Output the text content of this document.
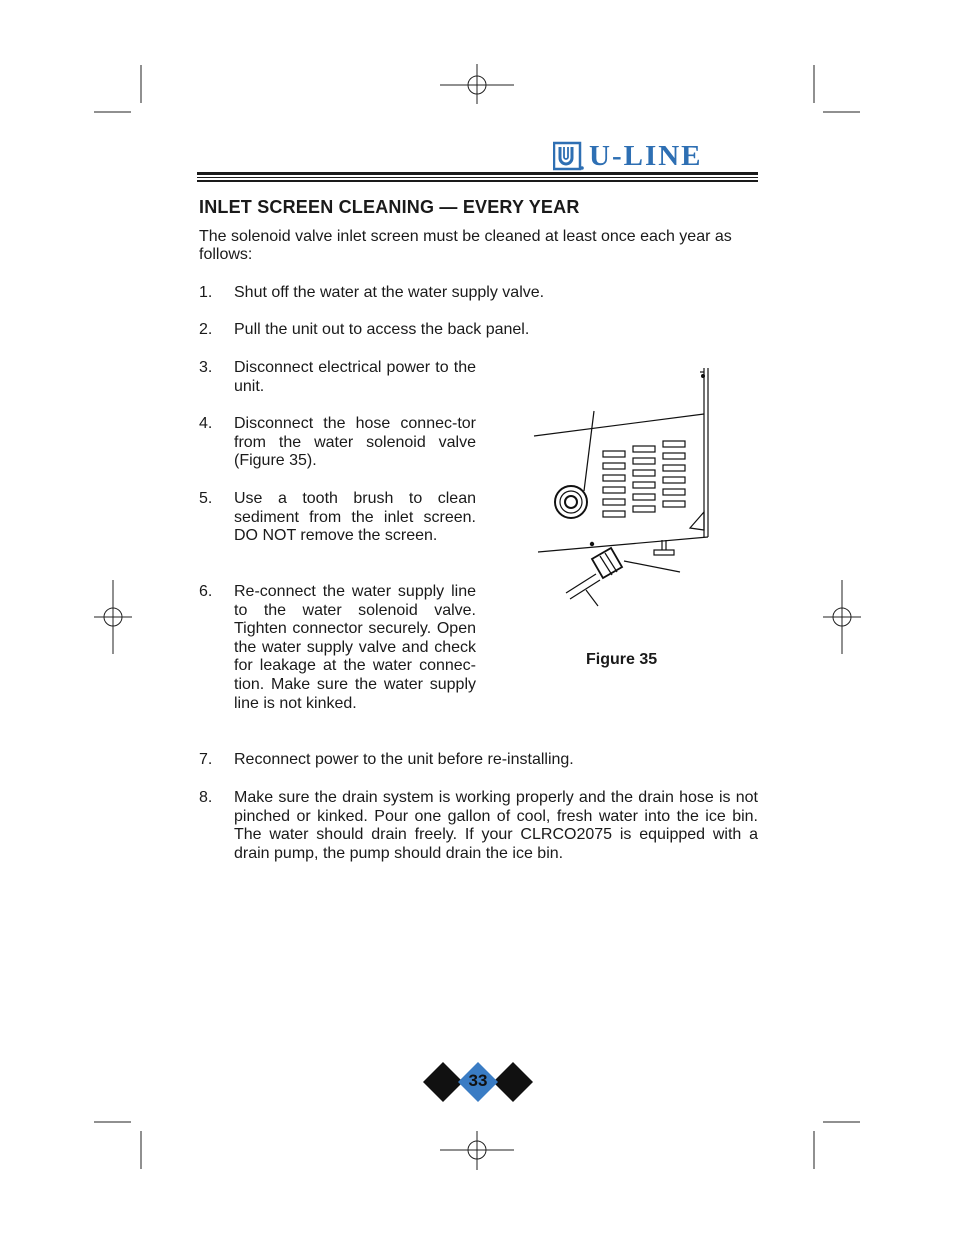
U-LINE
INLET SCREEN CLEANING — EVERY YEAR

The solenoid valve inlet screen must be cleaned at least once each year as follows:

1. Shut off the water at the water supply valve.
2. Pull the unit out to access the back panel.
3. Disconnect electrical power to the unit.
4. Disconnect the hose connec-tor from the water solenoid valve (Figure 35).
5. Use a tooth brush to clean sediment from the inlet screen. DO NOT remove the screen.
6. Re-connect the water supply line to the water solenoid valve. Tighten connector securely. Open the water supply valve and check for leakage at the water connec-tion. Make sure the water supply line is not kinked.
7. Reconnect power to the unit before re-installing.
8. Make sure the drain system is working properly and the drain hose is not pinched or kinked. Pour one gallon of cool, fresh water into the ice bin. The water should drain freely. If your CLRCO2075 is equipped with a drain pump, the pump should drain the ice bin.
Figure 35
33
